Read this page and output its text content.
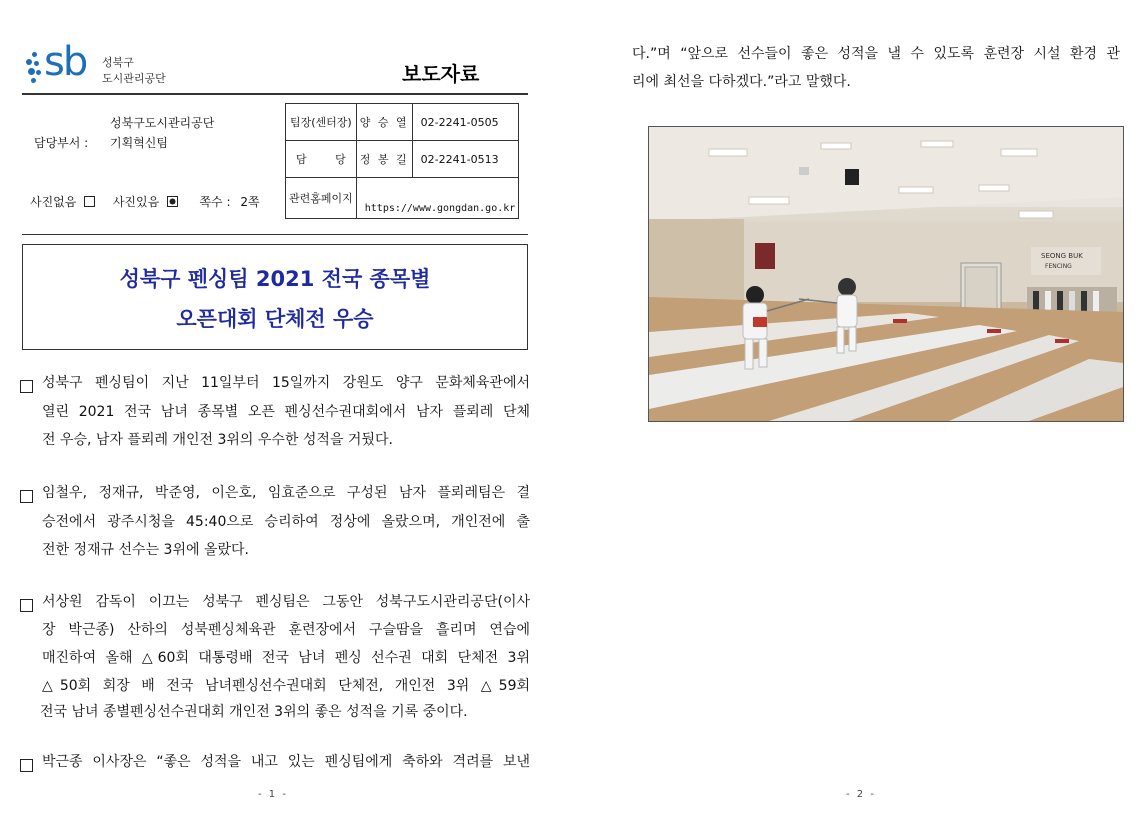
sb 성북구
도시관리공단	보도자료
성북구도시관리공단
담당부서 : 기획혁신팀
사진없음	사진있음	쪽수 : 2쪽
팀장(센터장)	양 승 열	02-2241-0505
담 당	정 봉 길	02-2241-0513
관련홈페이지	https://www.gongdan.go.kr	
성북구 펜싱팀 2021 전국 종목별
오픈대회 단체전 우승
성북구 펜싱팀이 지난 11일부터 15일까지 강원도 양구 문화체육관에서
열린 2021 전국 남녀 종목별 오픈 펜싱선수권대회에서 남자 플뢰레 단체
전 우승, 남자 플뢰레 개인전 3위의 우수한 성적을 거뒀다.
임철우, 정재규, 박준영, 이은호, 임효준으로 구성된 남자 플뢰레팀은 결
승전에서 광주시청을 45:40으로 승리하여 정상에 올랐으며, 개인전에 출
전한 정재규 선수는 3위에 올랐다.
서상원 감독이 이끄는 성북구 펜싱팀은 그동안 성북구도시관리공단(이사
장 박근종) 산하의 성북펜싱체육관 훈련장에서 구슬땀을 흘리며 연습에
매진하여 올해 △60회 대통령배 전국 남녀 펜싱 선수권 대회 단체전 3위
△50회 회장 배 전국 남녀펜싱선수권대회 단체전, 개인전 3위 △59회
전국 남녀 종별펜싱선수권대회 개인전 3위의 좋은 성적을 기록 중이다.
박근종 이사장은 “좋은 성적을 내고 있는 펜싱팀에게 축하와 격려를 보낸
- 1 -
다.”며 “앞으로 선수들이 좋은 성적을 낼 수 있도록 훈련장 시설 환경 관
리에 최선을 다하겠다.”라고 말했다.
SEONG BUK
FENCING
- 2 -
